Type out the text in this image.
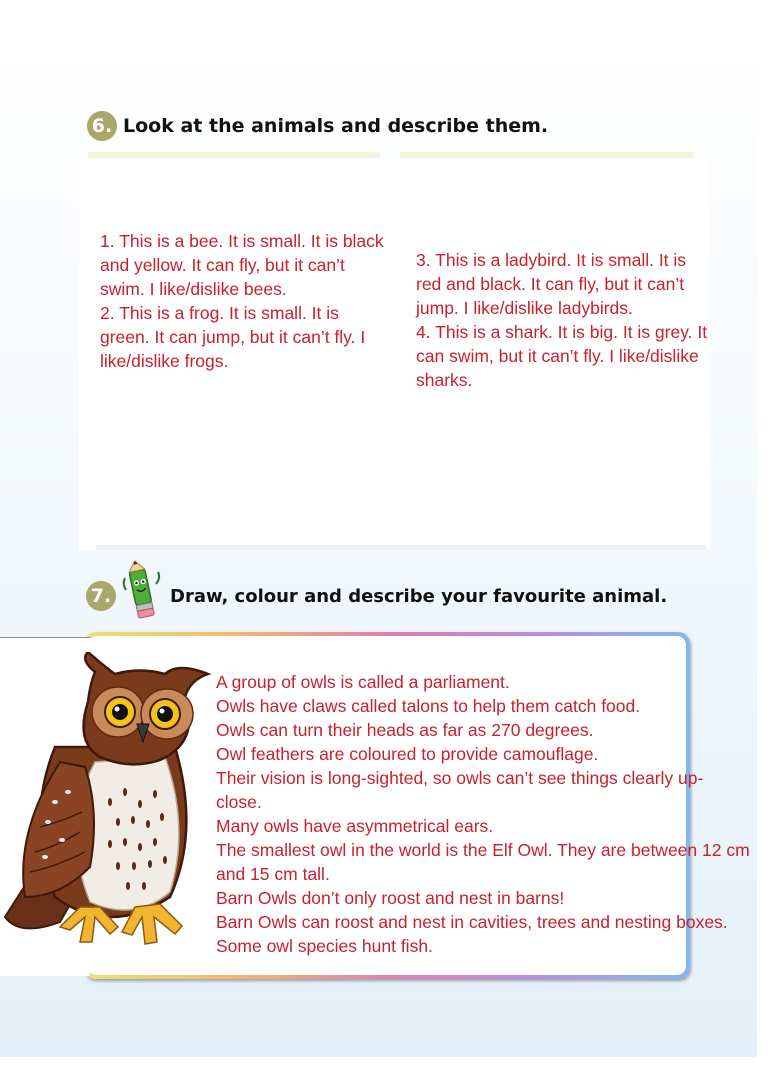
6. Look at the animals and describe them.

1. This is a bee. It is small. It is black and yellow. It can fly, but it can’t swim. I like/dislike bees.

2. This is a frog. It is small. It is green. It can jump, but it can’t fly. I like/dislike frogs.

3. This is a ladybird. It is small. It is red and black. It can fly, but it can’t jump. I like/dislike ladybirds.

4. This is a shark. It is big. It is grey. It can swim, but it can’t fly. I like/dislike sharks.

7.	Draw, colour and describe your favourite animal.
A group of owls is called a parliament.
Owls have claws called talons to help them catch food.
Owls can turn their heads as far as 270 degrees.
Owl feathers are coloured to provide camouflage.
Their vision is long-sighted, so owls can’t see things clearly up-close.
Many owls have asymmetrical ears.
The smallest owl in the world is the Elf Owl. They are between 12 cm and 15 cm tall.
Barn Owls don’t only roost and nest in barns!
Barn Owls can roost and nest in cavities, trees and nesting boxes.
Some owl species hunt fish.
